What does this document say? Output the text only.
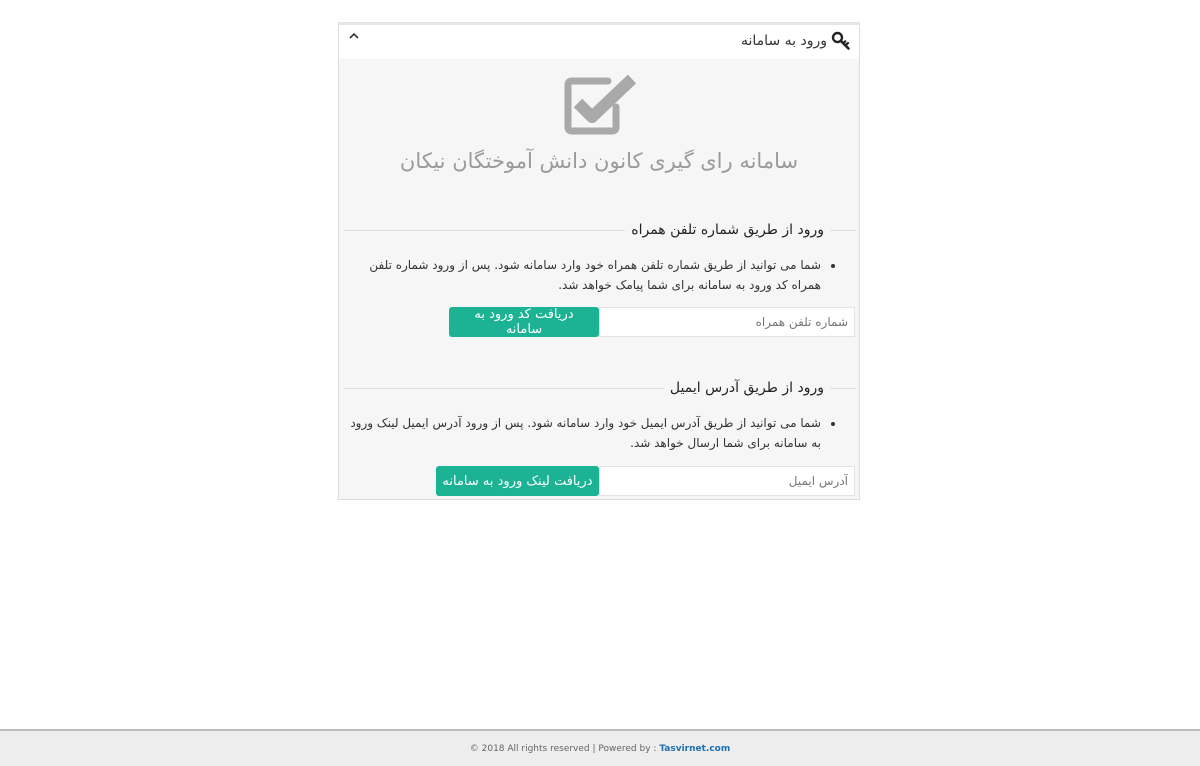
ورود به سامانه
سامانه رای گیری کانون دانش آموختگان نیکان
ورود از طریق شماره تلفن همراه
• شما می توانید از طریق شماره تلفن همراه خود وارد سامانه شود. پس از ورود شماره تلفن همراه کد ورود به سامانه برای شما پیامک خواهد شد.
شماره تلفن همراه
دریافت کد ورود به سامانه
ورود از طریق آدرس ایمیل
• شما می توانید از طریق آدرس ایمیل خود وارد سامانه شود. پس از ورود آدرس ایمیل لینک ورود به سامانه برای شما ارسال خواهد شد.
آدرس ایمیل
دریافت لینک ورود به سامانه
© 2018 All rights reserved | Powered by : Tasvirnet.com
